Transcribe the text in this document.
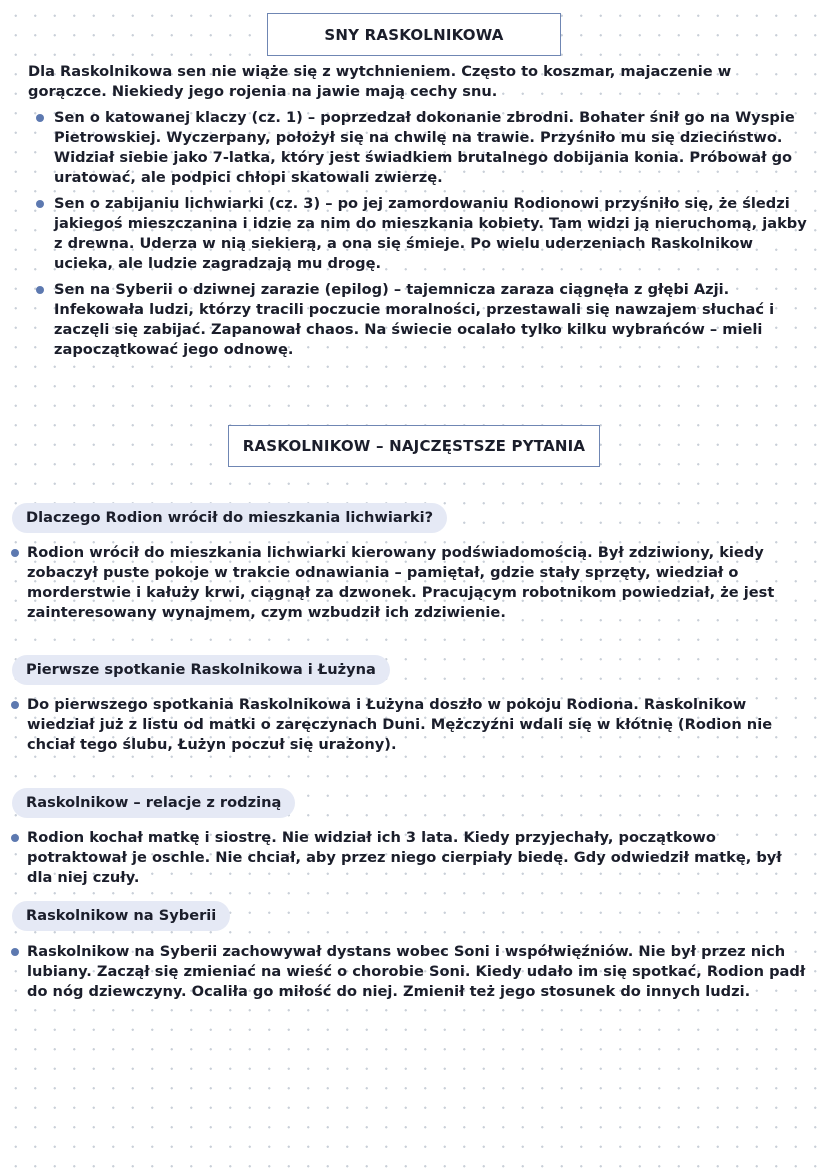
SNY RASKOLNIKOWA

Dla Raskolnikowa sen nie wiąże się z wytchnieniem. Często to koszmar, majaczenie w gorączce. Niekiedy jego rojenia na jawie mają cechy snu.

Sen o katowanej klaczy (cz. 1) – poprzedzał dokonanie zbrodni. Bohater śnił go na Wyspie Pietrowskiej. Wyczerpany, położył się na chwilę na trawie. Przyśniło mu się dzieciństwo. Widział siebie jako 7-latka, który jest świadkiem brutalnego dobijania konia. Próbował go uratować, ale podpici chłopi skatowali zwierzę.
Sen o zabijaniu lichwiarki (cz. 3) – po jej zamordowaniu Rodionowi przyśniło się, że śledzi jakiegoś mieszczanina i idzie za nim do mieszkania kobiety. Tam widzi ją nieruchomą, jakby z drewna. Uderza w nią siekierą, a ona się śmieje. Po wielu uderzeniach Raskolnikow ucieka, ale ludzie zagradzają mu drogę.
Sen na Syberii o dziwnej zarazie (epilog) – tajemnicza zaraza ciągnęła z głębi Azji. Infekowała ludzi, którzy tracili poczucie moralności, przestawali się nawzajem słuchać i zaczęli się zabijać. Zapanował chaos. Na świecie ocalało tylko kilku wybrańców – mieli zapoczątkować jego odnowę.
RASKOLNIKOW – NAJCZĘSTSZE PYTANIA
Dlaczego Rodion wrócił do mieszkania lichwiarki?
Rodion wrócił do mieszkania lichwiarki kierowany podświadomością. Był zdziwiony, kiedy zobaczył puste pokoje w trakcie odnawiania – pamiętał, gdzie stały sprzęty, wiedział o morderstwie i kałuży krwi, ciągnął za dzwonek. Pracującym robotnikom powiedział, że jest zainteresowany wynajmem, czym wzbudził ich zdziwienie.
Pierwsze spotkanie Raskolnikowa i Łużyna
Do pierwszego spotkania Raskolnikowa i Łużyna doszło w pokoju Rodiona. Raskolnikow wiedział już z listu od matki o zaręczynach Duni. Mężczyźni wdali się w kłótnię (Rodion nie chciał tego ślubu, Łużyn poczuł się urażony).
Raskolnikow – relacje z rodziną
Rodion kochał matkę i siostrę. Nie widział ich 3 lata. Kiedy przyjechały, początkowo potraktował je oschle. Nie chciał, aby przez niego cierpiały biedę. Gdy odwiedził matkę, był dla niej czuły.
Raskolnikow na Syberii
Raskolnikow na Syberii zachowywał dystans wobec Soni i współwięźniów. Nie był przez nich lubiany. Zaczął się zmieniać na wieść o chorobie Soni. Kiedy udało im się spotkać, Rodion padł do nóg dziewczyny. Ocaliła go miłość do niej. Zmienił też jego stosunek do innych ludzi.
